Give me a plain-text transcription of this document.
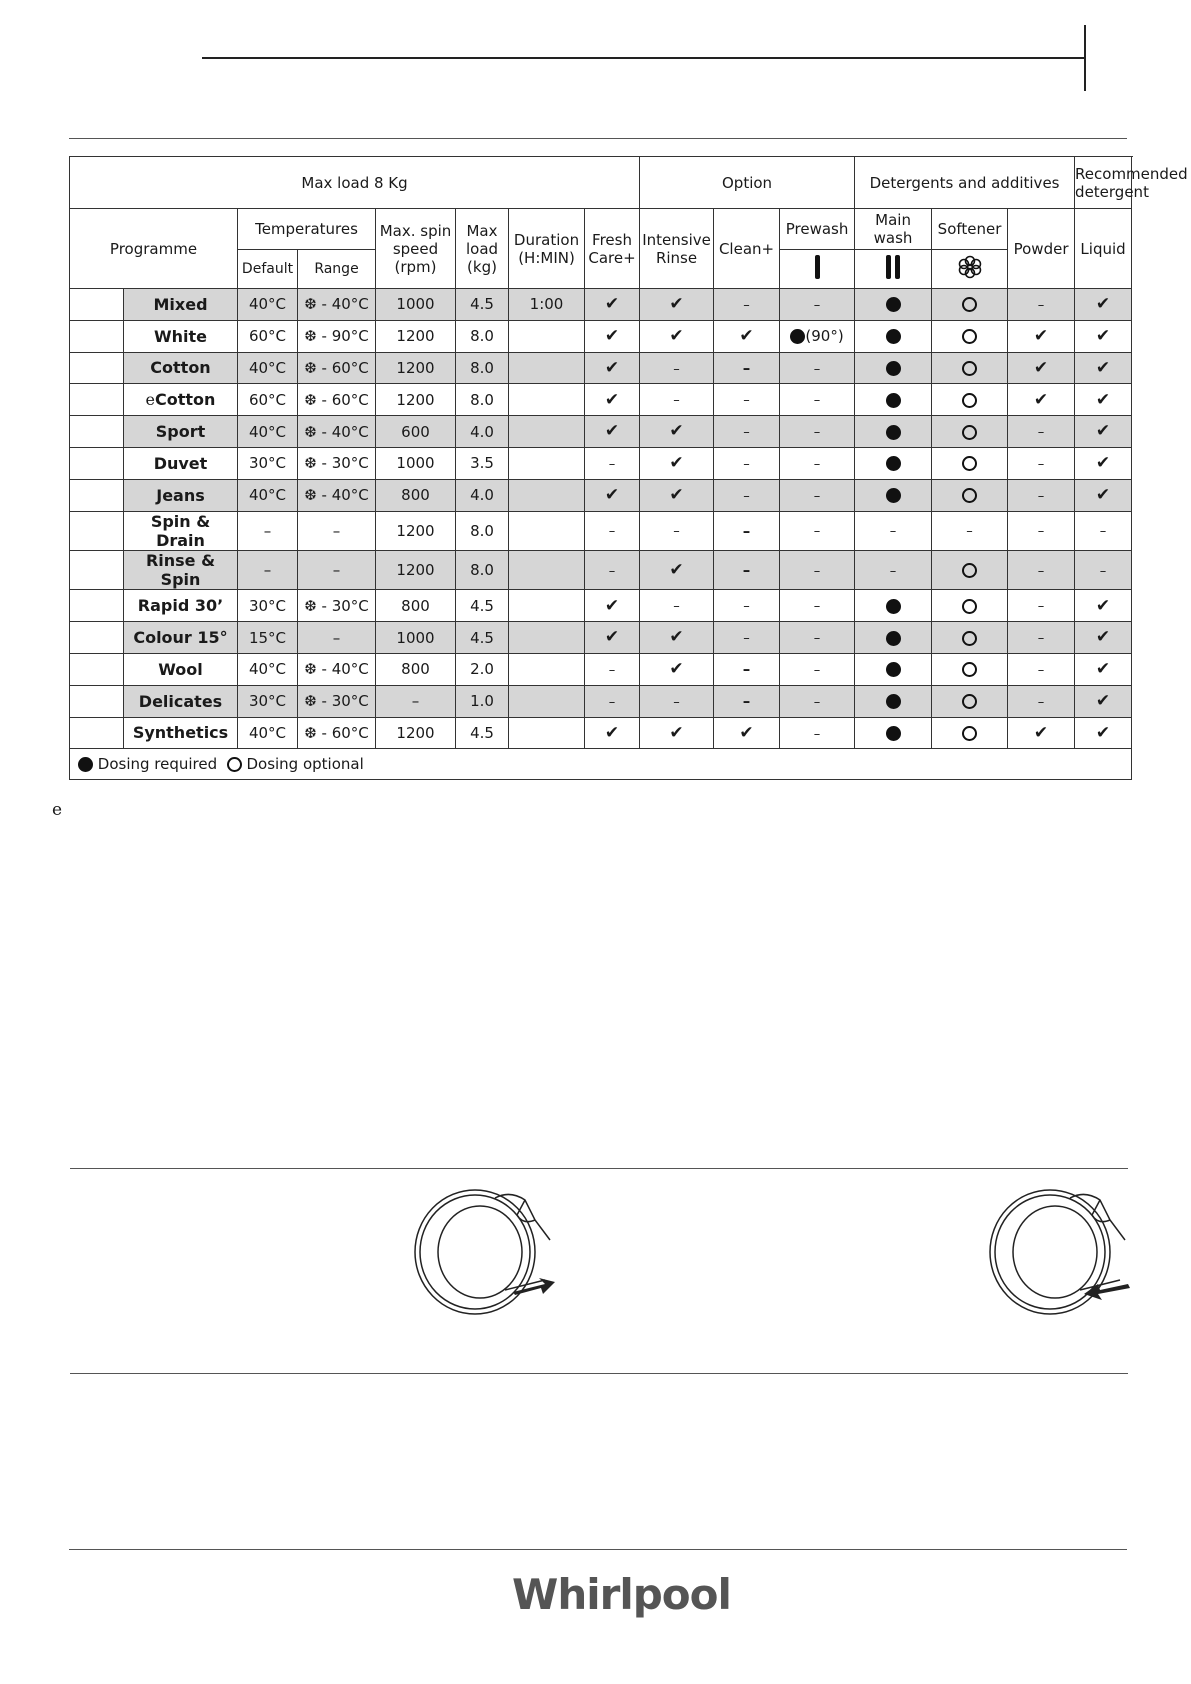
Max load 8 Kg								Option			Detergents and additives			Recommended detergent
Programme		Temperatures		Max. spin speed (rpm)	Max load (kg)	Duration (H:MIN)	Fresh Care+	Intensive Rinse	Clean+	Prewash	Main wash	Softener	Powder	Liquid
		Default	Range			
	Mixed	40°C	❆ - 40°C	1000	4.5	1:00	✔	✔	–	–			–	✔
	White	60°C	❆ - 90°C	1200	8.0		✔	✔	✔	(90°)			✔	✔
	Cotton	40°C	❆ - 60°C	1200	8.0		✔	–	–	–			✔	✔
	eCotton	60°C	❆ - 60°C	1200	8.0		✔	–	–	–			✔	✔
	Sport	40°C	❆ - 40°C	600	4.0		✔	✔	–	–			–	✔
	Duvet	30°C	❆ - 30°C	1000	3.5		–	✔	–	–			–	✔
	Jeans	40°C	❆ - 40°C	800	4.0		✔	✔	–	–			–	✔
	Spin & Drain	–	–	1200	8.0		–	–	–	–	–	–	–	–
	Rinse & Spin	–	–	1200	8.0		–	✔	–	–	–		–	–
	Rapid 30’	30°C	❆ - 30°C	800	4.5		✔	–	–	–			–	✔
	Colour 15°	15°C	–	1000	4.5		✔	✔	–	–			–	✔
	Wool	40°C	❆ - 40°C	800	2.0		–	✔	–	–			–	✔
	Delicates	30°C	❆ - 30°C	–	1.0		–	–	–	–			–	✔
	Synthetics	40°C	❆ - 60°C	1200	4.5		✔	✔	✔	–			✔	✔
Dosing required Dosing optional														
e
Whirlpool
